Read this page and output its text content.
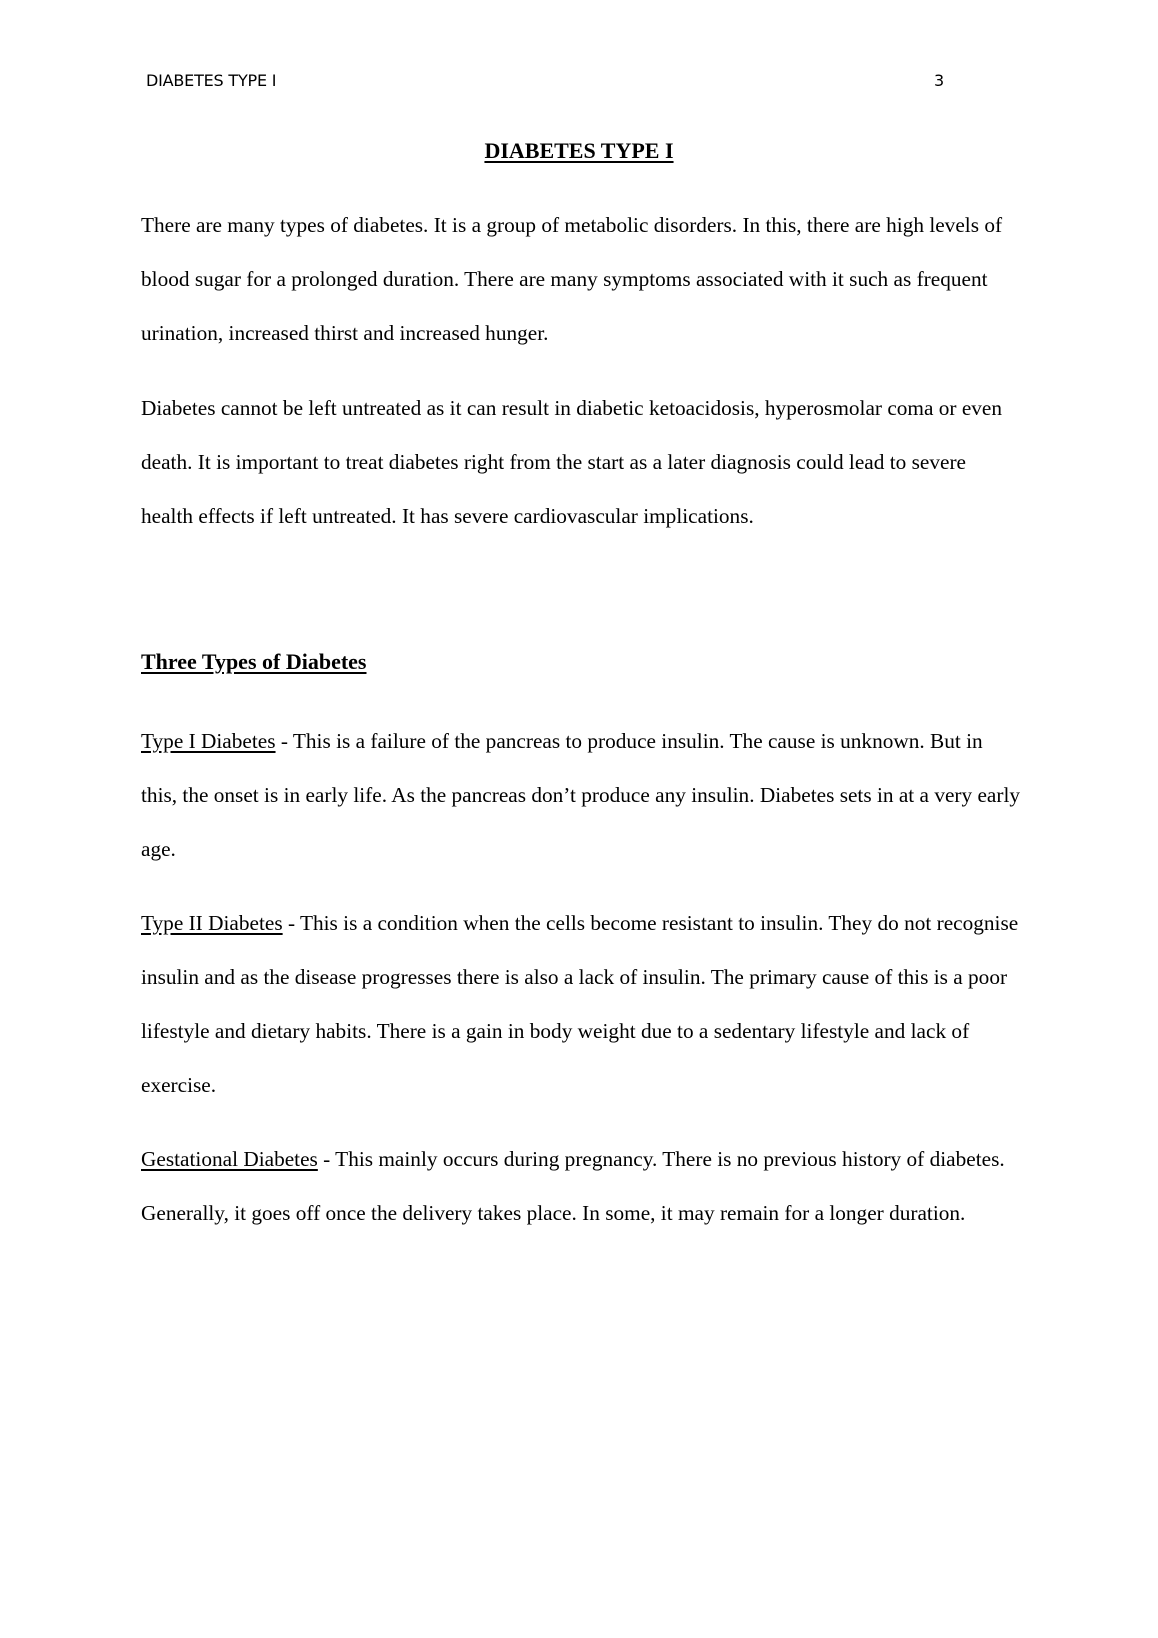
DIABETES TYPE I	3
DIABETES TYPE I

There are many types of diabetes. It is a group of metabolic disorders. In this, there are high levels of blood sugar for a prolonged duration. There are many symptoms associated with it such as frequent urination, increased thirst and increased hunger.

Diabetes cannot be left untreated as it can result in diabetic ketoacidosis, hyperosmolar coma or even death. It is important to treat diabetes right from the start as a later diagnosis could lead to severe health effects if left untreated. It has severe cardiovascular implications.

Three Types of Diabetes

Type I Diabetes - This is a failure of the pancreas to produce insulin. The cause is unknown. But in this, the onset is in early life. As the pancreas don’t produce any insulin. Diabetes sets in at a very early age.

Type II Diabetes - This is a condition when the cells become resistant to insulin. They do not recognise insulin and as the disease progresses there is also a lack of insulin. The primary cause of this is a poor lifestyle and dietary habits. There is a gain in body weight due to a sedentary lifestyle and lack of exercise.

Gestational Diabetes - This mainly occurs during pregnancy. There is no previous history of diabetes. Generally, it goes off once the delivery takes place. In some, it may remain for a longer duration.
